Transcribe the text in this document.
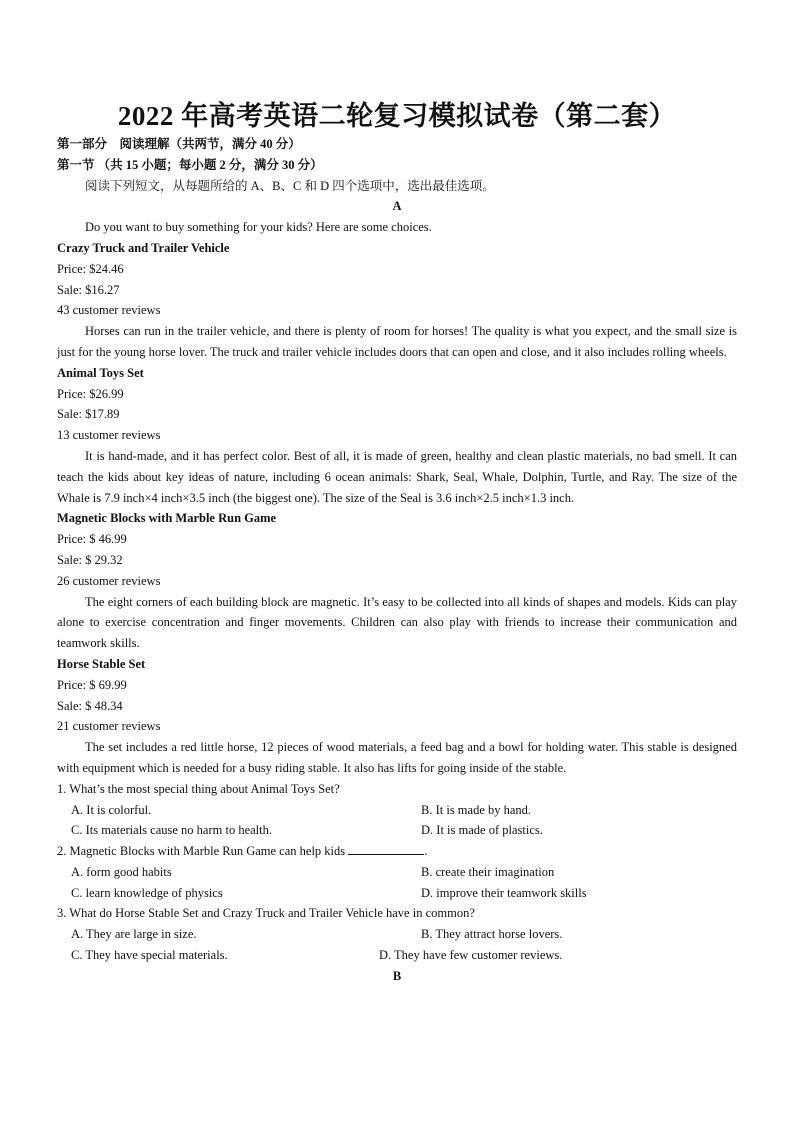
2022 年高考英语二轮复习模拟试卷（第二套）
第一部分　阅读理解（共两节，满分 40 分）
第一节 （共 15 小题；每小题 2 分，满分 30 分）
阅读下列短文，从每题所给的 A、B、C 和 D 四个选项中，选出最佳选项。
A
Do you want to buy something for your kids? Here are some choices.
Crazy Truck and Trailer Vehicle
Price: $24.46
Sale: $16.27
43 customer reviews
Horses can run in the trailer vehicle, and there is plenty of room for horses! The quality is what you expect, and the small size is just for the young horse lover. The truck and trailer vehicle includes doors that can open and close, and it also includes rolling wheels.
Animal Toys Set
Price: $26.99
Sale: $17.89
13 customer reviews
It is hand-made, and it has perfect color. Best of all, it is made of green, healthy and clean plastic materials, no bad smell. It can teach the kids about key ideas of nature, including 6 ocean animals: Shark, Seal, Whale, Dolphin, Turtle, and Ray. The size of the Whale is 7.9 inch×4 inch×3.5 inch (the biggest one). The size of the Seal is 3.6 inch×2.5 inch×1.3 inch.
Magnetic Blocks with Marble Run Game
Price: $ 46.99
Sale: $ 29.32
26 customer reviews
The eight corners of each building block are magnetic. It’s easy to be collected into all kinds of shapes and models. Kids can play alone to exercise concentration and finger movements. Children can also play with friends to increase their communication and teamwork skills.
Horse Stable Set
Price: $ 69.99
Sale: $ 48.34
21 customer reviews
The set includes a red little horse, 12 pieces of wood materials, a feed bag and a bowl for holding water. This stable is designed with equipment which is needed for a busy riding stable. It also has lifts for going inside of the stable.
1. What’s the most special thing about Animal Toys Set?
A. It is colorful.	B. It is made by hand.
C. Its materials cause no harm to health.	D. It is made of plastics.
2. Magnetic Blocks with Marble Run Game can help kids	.
A. form good habits	B. create their imagination
C. learn knowledge of physics	D. improve their teamwork skills
3. What do Horse Stable Set and Crazy Truck and Trailer Vehicle have in common?
A. They are large in size.	B. They attract horse lovers.
C. They have special materials.	D. They have few customer reviews.
B
